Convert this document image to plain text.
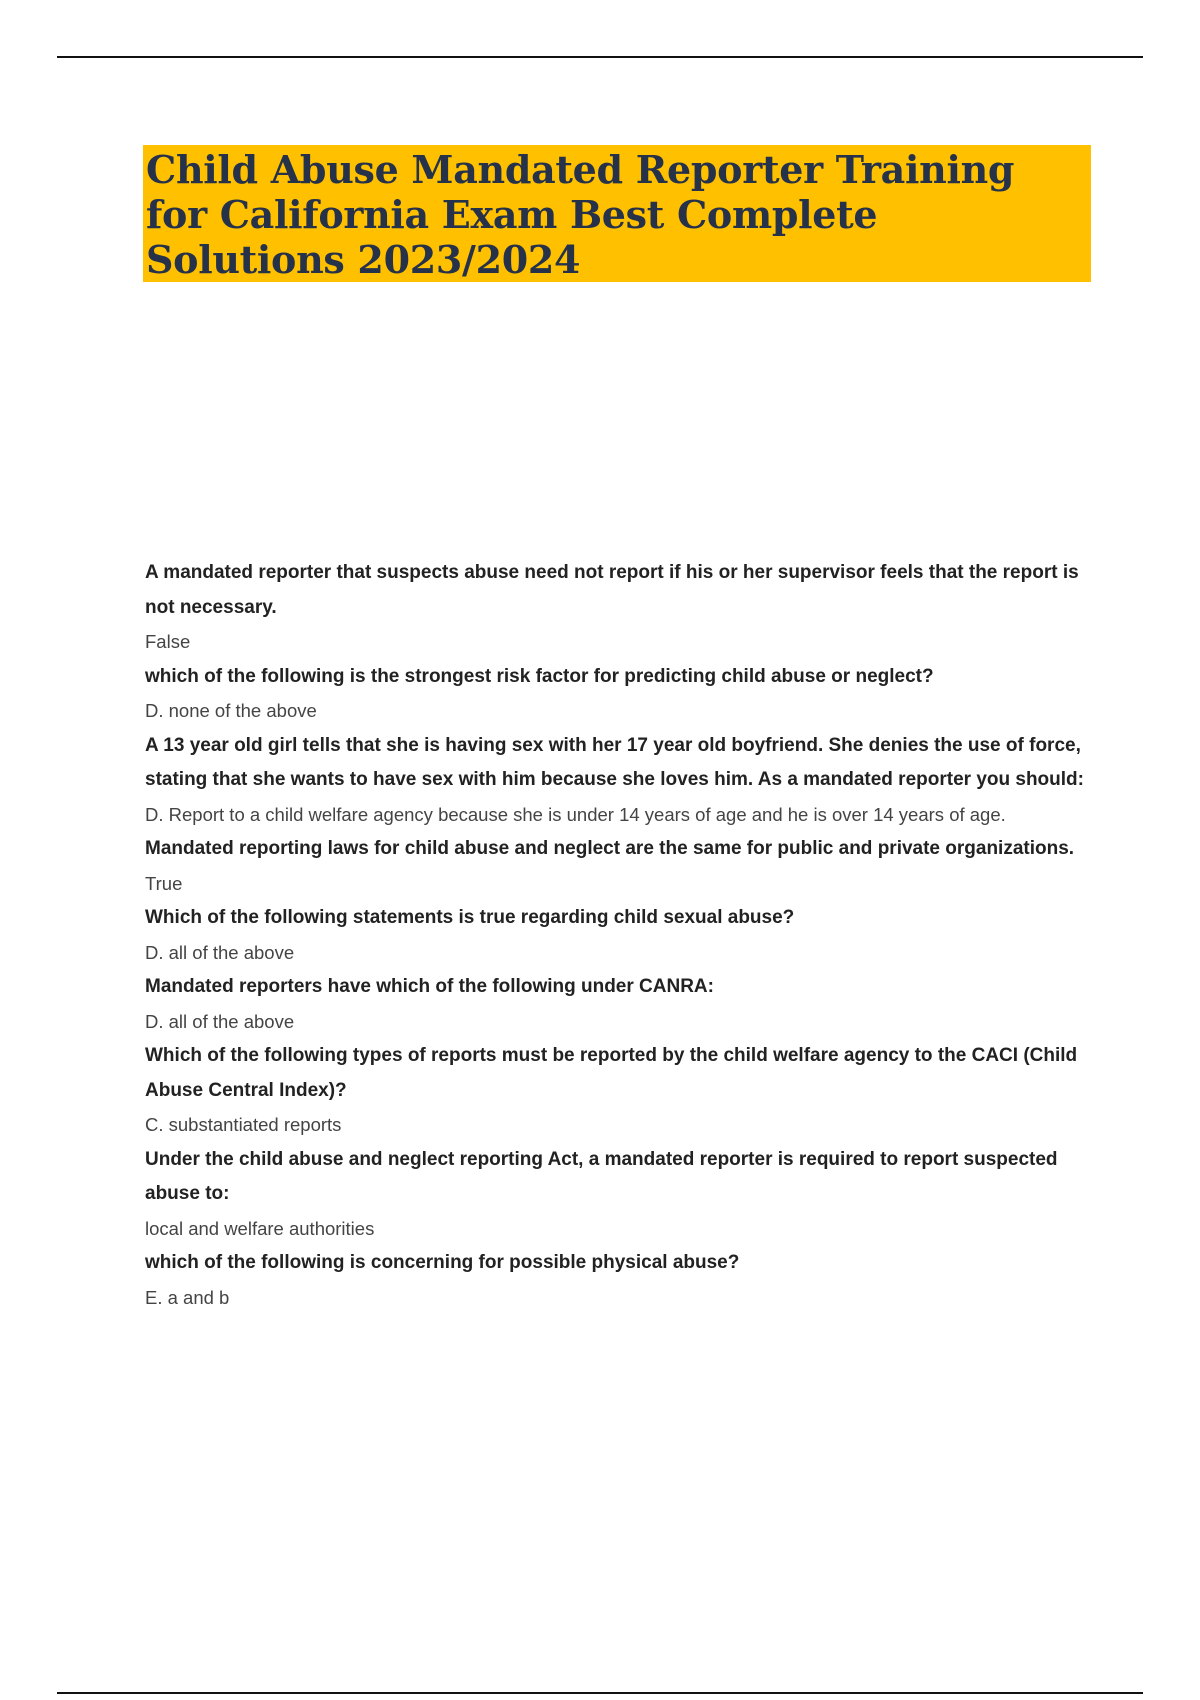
Child Abuse Mandated Reporter Training for California Exam Best Complete Solutions 2023/2024

A mandated reporter that suspects abuse need not report if his or her supervisor feels that the report is not necessary.

False

which of the following is the strongest risk factor for predicting child abuse or neglect?

D. none of the above

A 13 year old girl tells that she is having sex with her 17 year old boyfriend. She denies the use of force, stating that she wants to have sex with him because she loves him. As a mandated reporter you should:

D. Report to a child welfare agency because she is under 14 years of age and he is over 14 years of age.

Mandated reporting laws for child abuse and neglect are the same for public and private organizations.

True

Which of the following statements is true regarding child sexual abuse?

D. all of the above

Mandated reporters have which of the following under CANRA:

D. all of the above

Which of the following types of reports must be reported by the child welfare agency to the CACI (Child Abuse Central Index)?

C. substantiated reports

Under the child abuse and neglect reporting Act, a mandated reporter is required to report suspected abuse to:

local and welfare authorities

which of the following is concerning for possible physical abuse?

E. a and b
